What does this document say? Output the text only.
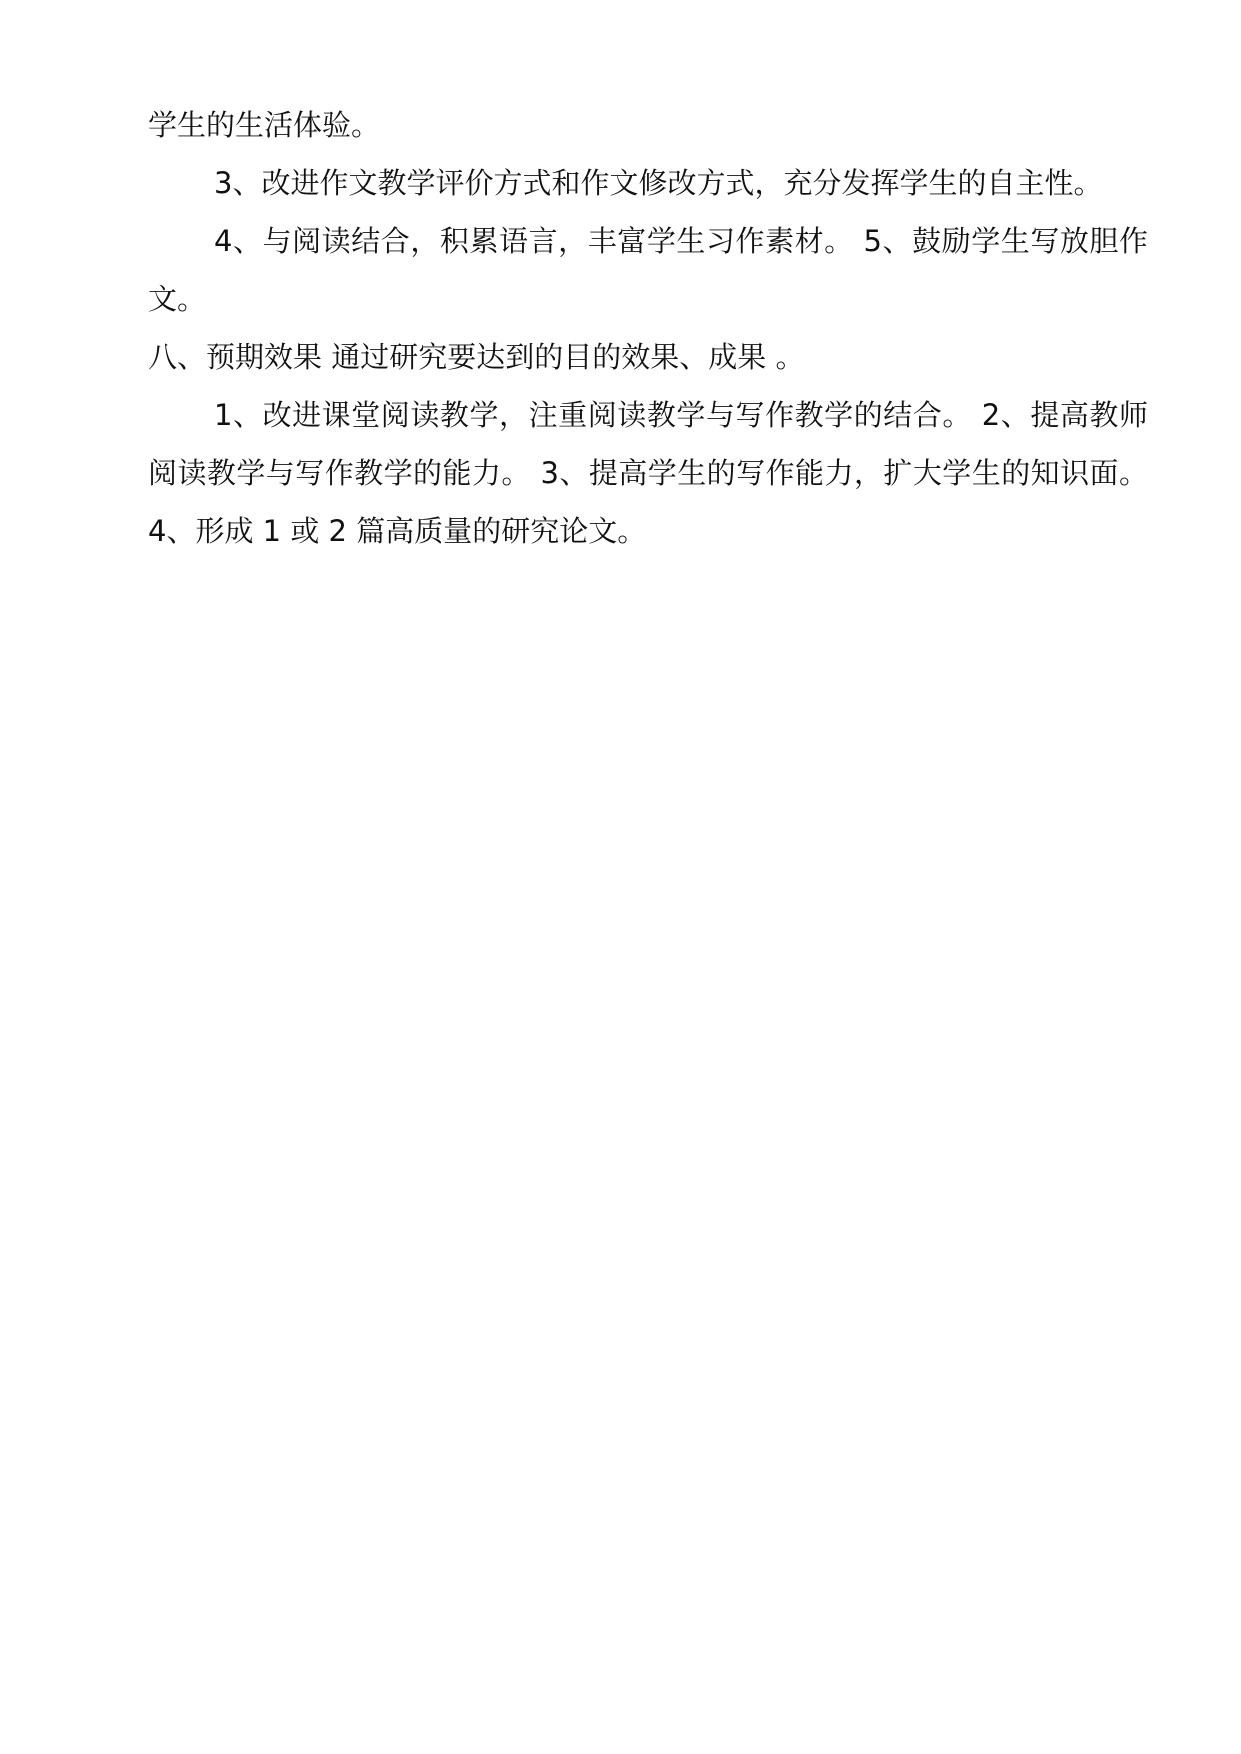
学生的生活体验。

3、改进作文教学评价方式和作文修改方式，充分发挥学生的自主性。

4、与阅读结合，积累语言，丰富学生习作素材。 5、鼓励学生写放胆作文。

八、预期效果 通过研究要达到的目的效果、成果 。

1、改进课堂阅读教学，注重阅读教学与写作教学的结合。 2、提高教师阅读教学与写作教学的能力。 3、提高学生的写作能力，扩大学生的知识面。 4、形成 1 或 2 篇高质量的研究论文。
